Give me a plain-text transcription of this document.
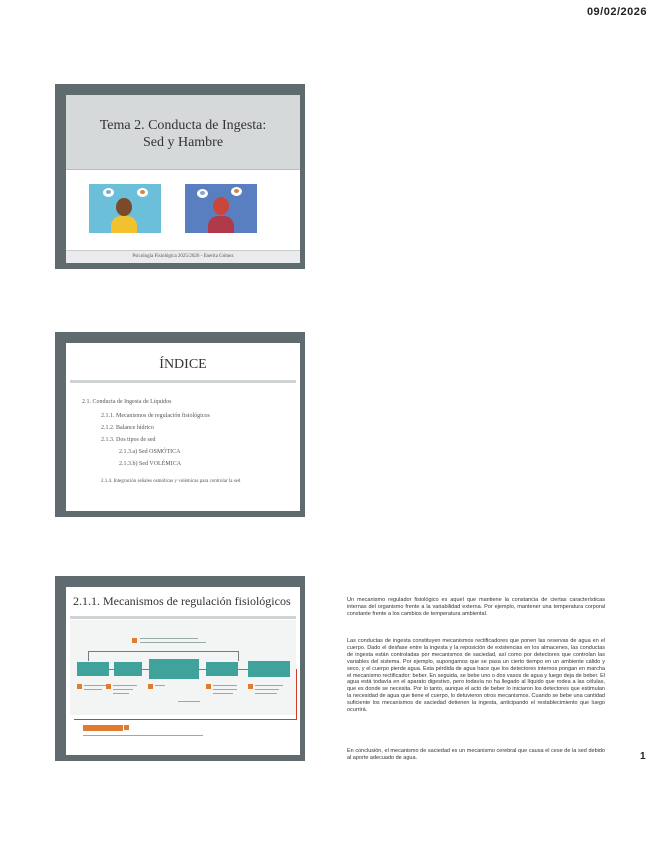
09/02/2026
Tema 2. Conducta de Ingesta:
Sed y Hambre
Psicología Fisiológica 2025/2026 - Enerita Gómez
ÍNDICE
2.1. Conducta de Ingesta de Líquidos
2.1.1. Mecanismos de regulación fisiológicos
2.1.2. Balance hídrico
2.1.3. Dos tipos de sed
2.1.3.a) Sed OSMÓTICA
2.1.3.b) Sed VOLÉMICA
2.1.4. Integración señales osmóticas y volémicas para controlar la sed
2.1.1. Mecanismos de regulación fisiológicos	Un mecanismo regulador fisiológico es aquel que mantiene la constancia de ciertas características internas del organismo frente a la variabilidad externa. Por ejemplo, mantener una temperatura corporal constante frente a los cambios de temperatura ambiental.

Las conductas de ingesta constituyen mecanismos rectificadores que ponen las reservas de agua en el cuerpo. Dado el desfase entre la ingesta y la reposición de existencias en los almacenes, las conductas de ingesta están controladas por mecanismos de saciedad, así como por detectores que controlan las variables del sistema. Por ejemplo, supongamos que se pasa un cierto tiempo en un ambiente cálido y seco, y el cuerpo pierde agua. Esta pérdida de agua hace que los detectores internos pongan en marcha el mecanismo rectificador: beber. En seguida, se bebe uno o dos vasos de agua y luego deja de beber. El agua está todavía en el aparato digestivo, pero todavía no ha llegado al líquido que rodea a las células, que es donde se necesita. Por lo tanto, aunque el acto de beber lo iniciaron los detectores que estimulan la necesidad de agua que tiene el cuerpo, lo detuvieron otros mecanismos. Cuando se bebe una cantidad suficiente los mecanismos de saciedad detienen la ingesta, anticipando el restablecimiento que luego ocurrirá.

En conclusión, el mecanismo de saciedad es un mecanismo cerebral que causa el cese de la sed debido al aporte adecuado de agua.	1
